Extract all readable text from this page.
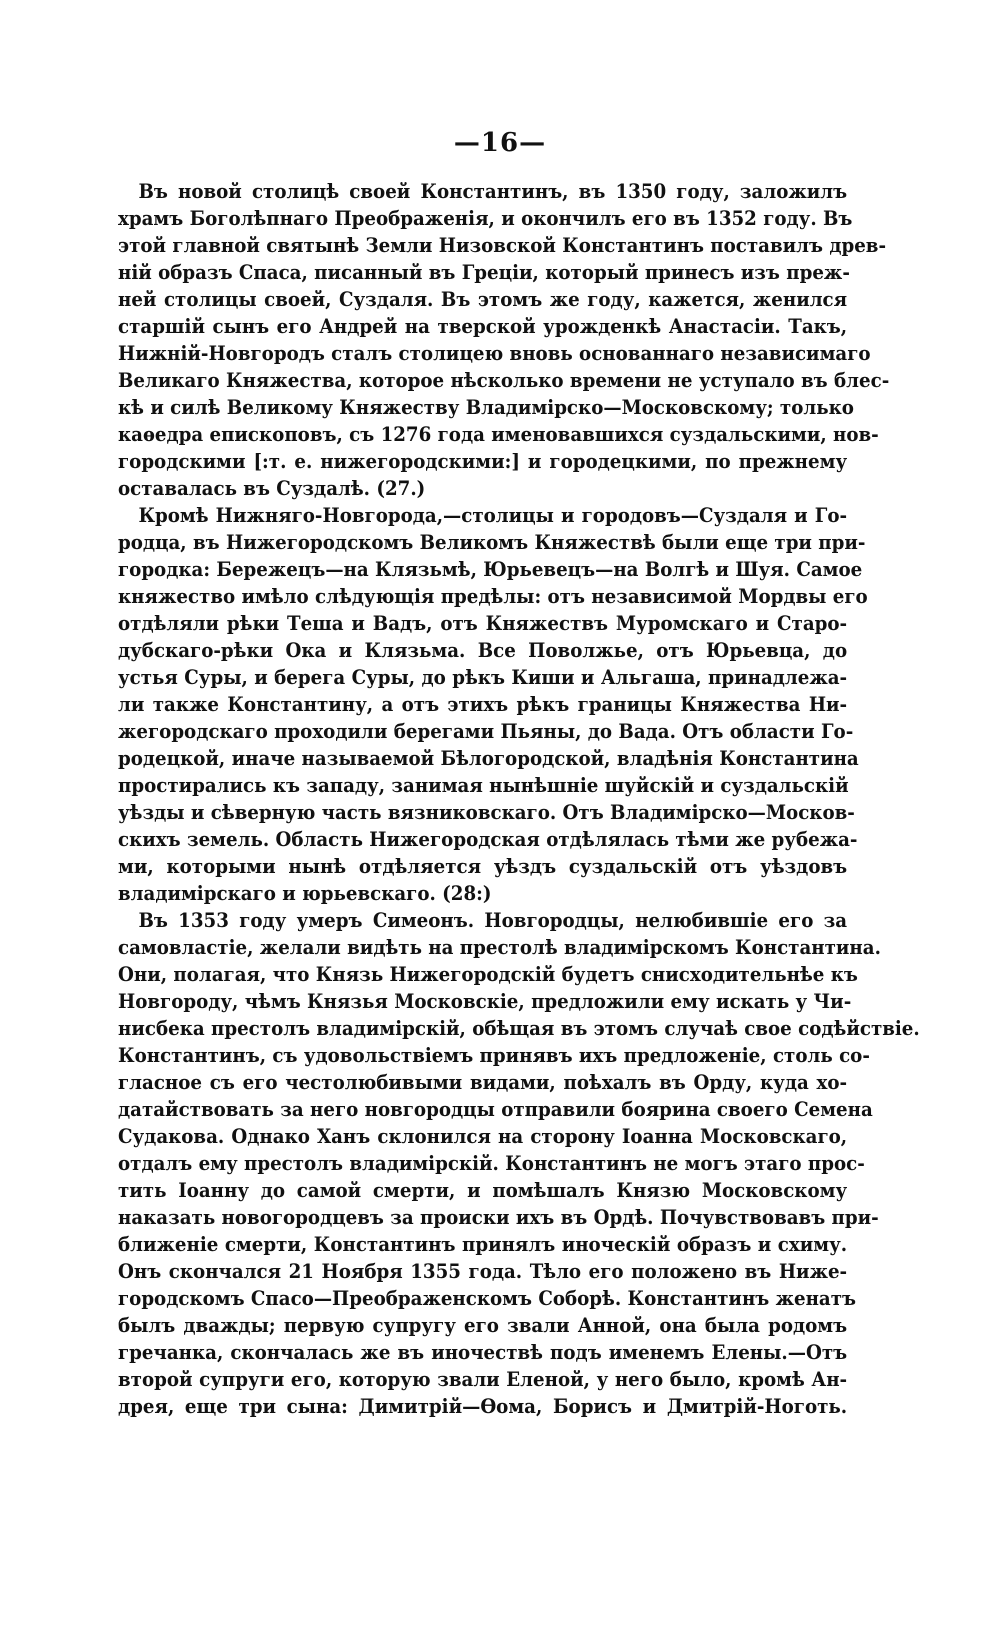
—16—
Въ новой столицѣ своей Константинъ, въ 1350 году, заложилъ
храмъ Боголѣпнаго Преображенія, и окончилъ его въ 1352 году. Въ
этой главной святынѣ Земли Низовской Константинъ поставилъ древ-
ній образъ Спаса, писанный въ Греціи, который принесъ изъ преж-
ней столицы своей, Суздаля. Въ этомъ же году, кажется, женился
старшій сынъ его Андрей на тверской урожденкѣ Анастасіи. Такъ,
Нижній-Новгородъ сталъ столицею вновь основаннаго независимаго
Великаго Княжества, которое нѣсколько времени не уступало въ блес-
кѣ и силѣ Великому Княжеству Владимірско—Московскому; только
каѳедра епископовъ, съ 1276 года именовавшихся суздальскими, нов-
городскими [:т. е. нижегородскими:] и городецкими, по прежнему
оставалась въ Суздалѣ. (27.)
Кромѣ Нижняго-Новгорода,—столицы и городовъ—Суздаля и Го-
родца, въ Нижегородскомъ Великомъ Княжествѣ были еще три при-
городка: Бережецъ—на Клязьмѣ, Юрьевецъ—на Волгѣ и Шуя. Самое
княжество имѣло слѣдующія предѣлы: отъ независимой Мордвы его
отдѣляли рѣки Теша и Вадъ, отъ Княжествъ Муромскаго и Старо-
дубскаго-рѣки Ока и Клязьма. Все Поволжье, отъ Юрьевца, до
устья Суры, и берега Суры, до рѣкъ Киши и Альгаша, принадлежа-
ли также Константину, а отъ этихъ рѣкъ границы Княжества Ни-
жегородскаго проходили берегами Пьяны, до Вада. Отъ области Го-
родецкой, иначе называемой Бѣлогородской, владѣнія Константина
простирались къ западу, занимая нынѣшніе шуйскій и суздальскій
уѣзды и сѣверную часть вязниковскаго. Отъ Владимірско—Москов-
скихъ земель. Область Нижегородская отдѣлялась тѣми же рубежа-
ми, которыми нынѣ отдѣляется уѣздъ суздальскій отъ уѣздовъ
владимірскаго и юрьевскаго. (28:)
Въ 1353 году умеръ Симеонъ. Новгородцы, нелюбившіе его за
самовластіе, желали видѣть на престолѣ владимірскомъ Константина.
Они, полагая, что Князь Нижегородскій будетъ снисходительнѣе къ
Новгороду, чѣмъ Князья Московскіе, предложили ему искать у Чи-
нисбека престолъ владимірскій, обѣщая въ этомъ случаѣ свое содѣйствіе.
Константинъ, съ удовольствіемъ принявъ ихъ предложеніе, столь со-
гласное съ его честолюбивыми видами, поѣхалъ въ Орду, куда хо-
датайствовать за него новгородцы отправили боярина своего Семена
Судакова. Однако Ханъ склонился на сторону Іоанна Московскаго,
отдалъ ему престолъ владимірскій. Константинъ не могъ этаго прос-
тить Іоанну до самой смерти, и помѣшалъ Князю Московскому
наказать новогородцевъ за происки ихъ въ Ордѣ. Почувствовавъ при-
ближеніе смерти, Константинъ принялъ иноческій образъ и схиму.
Онъ скончался 21 Ноября 1355 года. Тѣло его положено въ Ниже-
городскомъ Спасо—Преображенскомъ Соборѣ. Константинъ женатъ
былъ дважды; первую супругу его звали Анной, она была родомъ
гречанка, скончалась же въ иночествѣ подъ именемъ Елены.—Отъ
второй супруги его, которую звали Еленой, у него было, кромѣ Ан-
дрея, еще три сына: Димитрій—Ѳома, Борисъ и Дмитрій-Ноготь.
